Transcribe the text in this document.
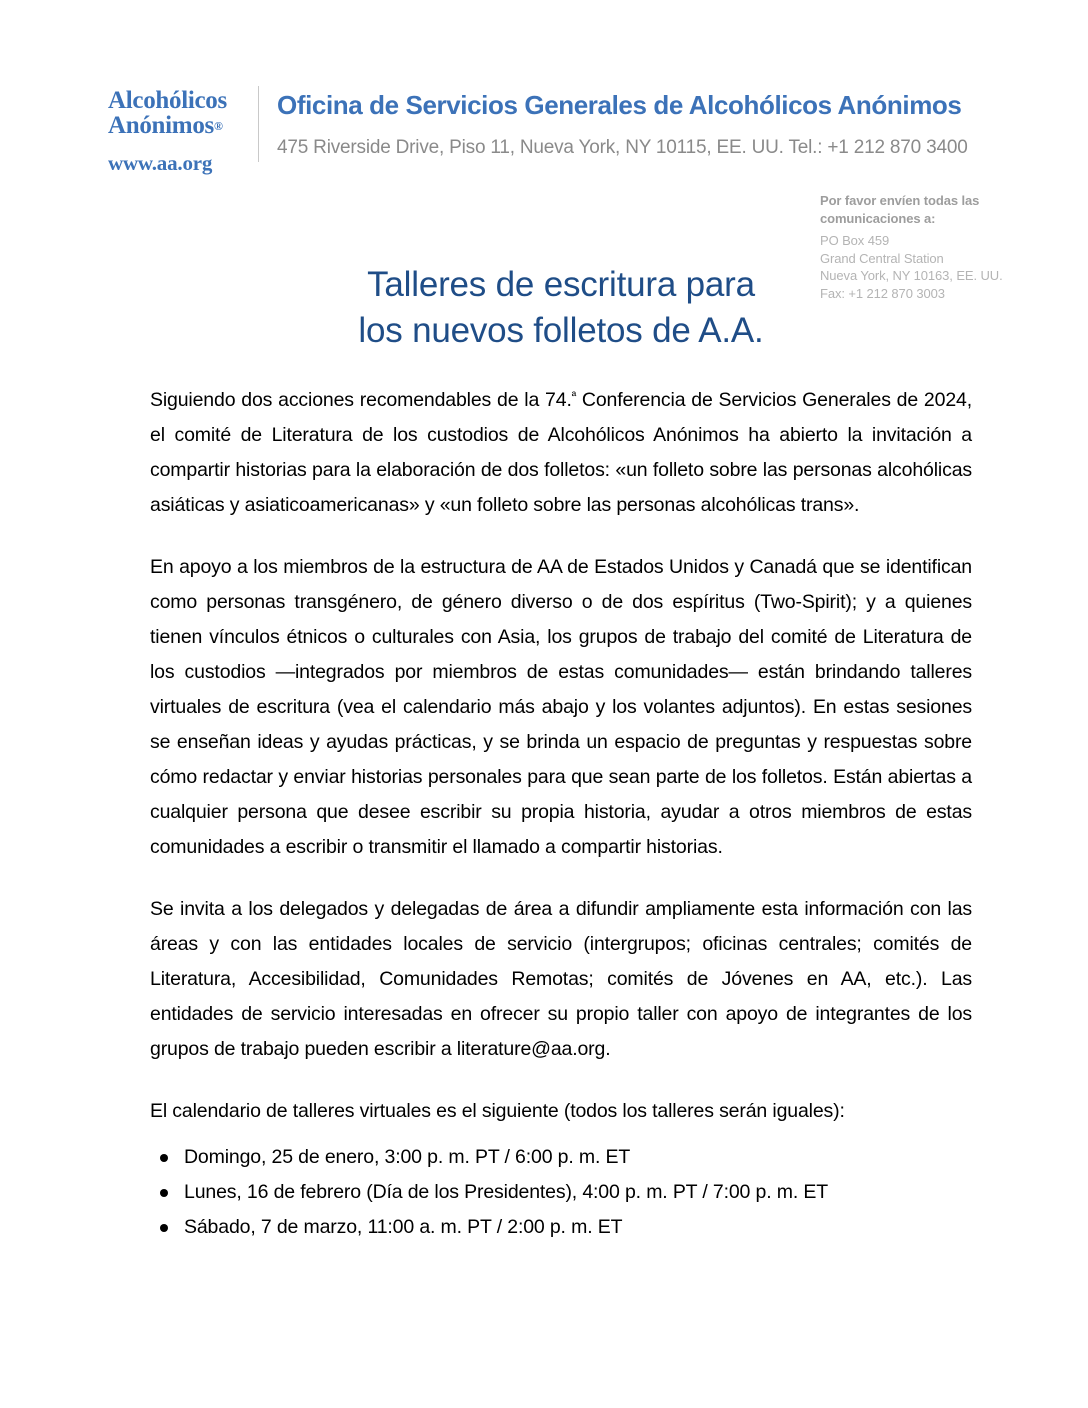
Alcohólicos
Anónimos®
www.aa.org
Oficina de Servicios Generales de Alcohólicos Anónimos
475 Riverside Drive, Piso 11, Nueva York, NY 10115, EE. UU. Tel.: +1 212 870 3400
Por favor envíen todas las
comunicaciones a:
PO Box 459
Grand Central Station
Nueva York, NY 10163, EE. UU.
Fax: +1 212 870 3003
Talleres de escritura para
los nuevos folletos de A.A.

Siguiendo dos acciones recomendables de la 74.$^ª$ Conferencia de Servicios Generales de 2024, el comité de Literatura de los custodios de Alcohólicos Anónimos ha abierto la invitación a compartir historias para la elaboración de dos folletos: «un folleto sobre las personas alcohólicas asiáticas y asiaticoamericanas» y «un folleto sobre las personas alcohólicas trans».

En apoyo a los miembros de la estructura de AA de Estados Unidos y Canadá que se identifican como personas transgénero, de género diverso o de dos espíritus (Two-Spirit); y a quienes tienen vínculos étnicos o culturales con Asia, los grupos de trabajo del comité de Literatura de los custodios —integrados por miembros de estas comunidades— están brindando talleres virtuales de escritura (vea el calendario más abajo y los volantes adjuntos). En estas sesiones se enseñan ideas y ayudas prácticas, y se brinda un espacio de preguntas y respuestas sobre cómo redactar y enviar historias personales para que sean parte de los folletos. Están abiertas a cualquier persona que desee escribir su propia historia, ayudar a otros miembros de estas comunidades a escribir o transmitir el llamado a compartir historias.

Se invita a los delegados y delegadas de área a difundir ampliamente esta información con las áreas y con las entidades locales de servicio (intergrupos; oficinas centrales; comités de Literatura, Accesibilidad, Comunidades Remotas; comités de Jóvenes en AA, etc.). Las entidades de servicio interesadas en ofrecer su propio taller con apoyo de integrantes de los grupos de trabajo pueden escribir a literature@aa.org.

El calendario de talleres virtuales es el siguiente (todos los talleres serán iguales):

Domingo, 25 de enero, 3:00 p. m. PT / 6:00 p. m. ET
Lunes, 16 de febrero (Día de los Presidentes), 4:00 p. m. PT / 7:00 p. m. ET
Sábado, 7 de marzo, 11:00 a. m. PT / 2:00 p. m. ET
